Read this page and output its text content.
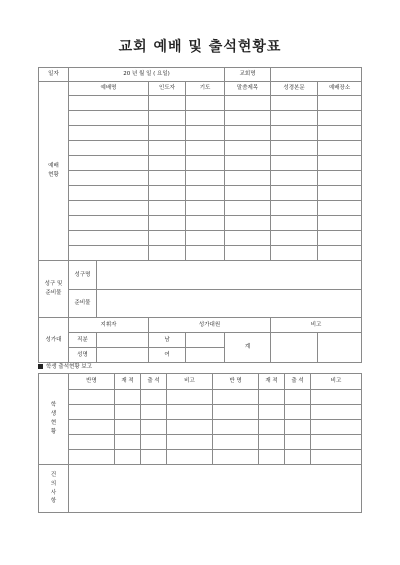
교회 예배 및 출석현황표
일자	20 년 월 일 ( 요일)				교회명		
예배
현황	예배명		인도자	기도	말씀제목	성경본문	예배장소

성구 및
준비물	성구명						
	준비물						
성가대	지휘자		성가대원			비고	
	직분		남		계		
	성명		여				
학생 출석현황 보고
학
생
현
황	반명	재 적	출 석	비고	반 명	재 적	출 석	비고

건
의
사
항								
